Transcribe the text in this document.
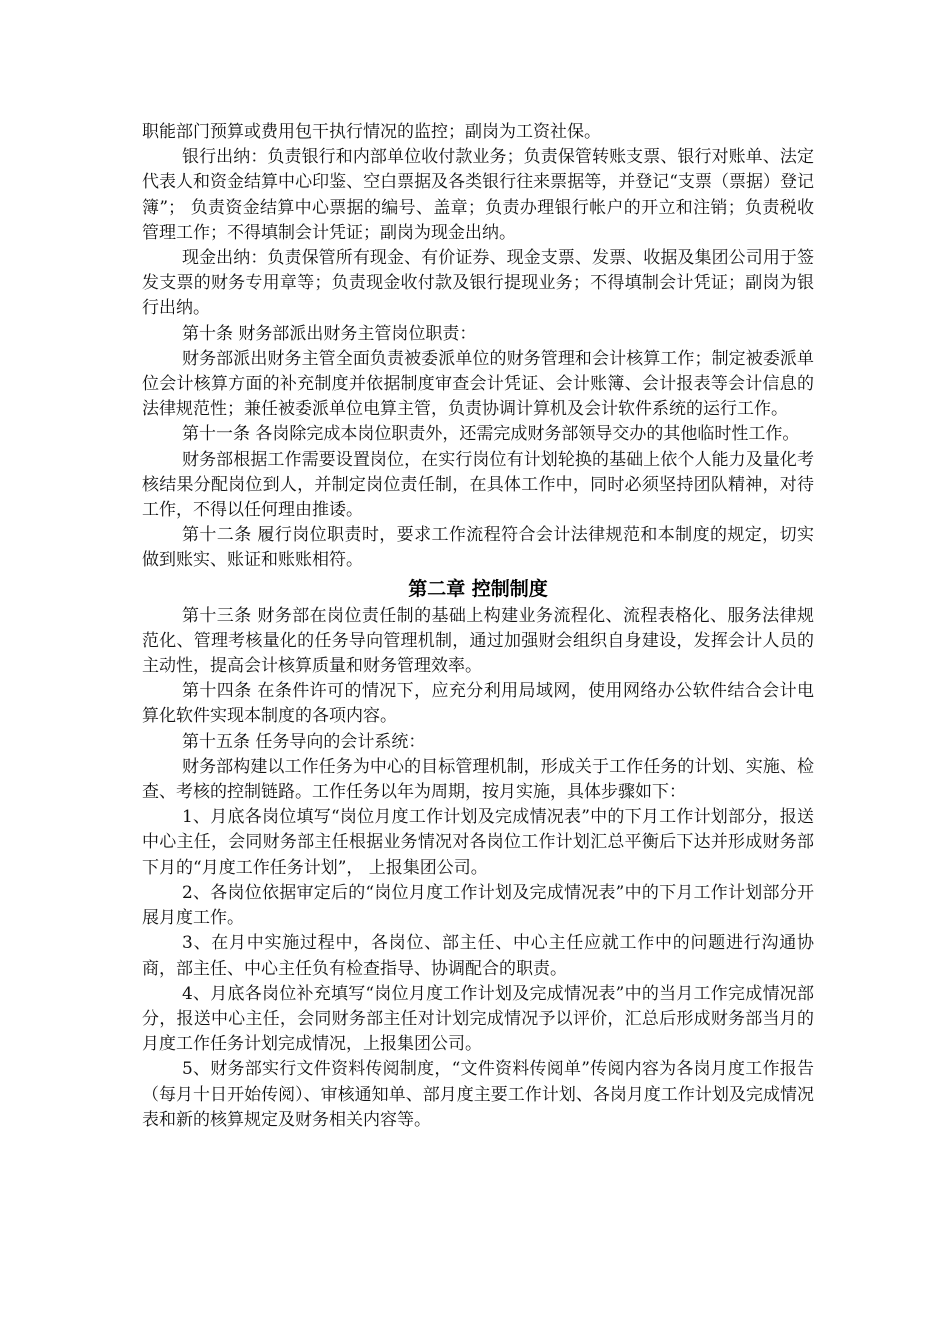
职能部门预算或费用包干执行情况的监控；副岗为工资社保。

银行出纳：负责银行和内部单位收付款业务；负责保管转账支票、银行对账单、法定代表人和资金结算中心印鉴、空白票据及各类银行往来票据等，并登记“支票（票据）登记簿”； 负责资金结算中心票据的编号、盖章；负责办理银行帐户的开立和注销；负责税收管理工作；不得填制会计凭证；副岗为现金出纳。

现金出纳：负责保管所有现金、有价证券、现金支票、发票、收据及集团公司用于签发支票的财务专用章等；负责现金收付款及银行提现业务；不得填制会计凭证；副岗为银行出纳。

第十条 财务部派出财务主管岗位职责：

财务部派出财务主管全面负责被委派单位的财务管理和会计核算工作；制定被委派单位会计核算方面的补充制度并依据制度审查会计凭证、会计账簿、会计报表等会计信息的法律规范性；兼任被委派单位电算主管，负责协调计算机及会计软件系统的运行工作。

第十一条 各岗除完成本岗位职责外，还需完成财务部领导交办的其他临时性工作。

财务部根据工作需要设置岗位，在实行岗位有计划轮换的基础上依个人能力及量化考核结果分配岗位到人，并制定岗位责任制，在具体工作中，同时必须坚持团队精神，对待工作，不得以任何理由推诿。

第十二条 履行岗位职责时，要求工作流程符合会计法律规范和本制度的规定，切实做到账实、账证和账账相符。

第二章 控制制度

第十三条 财务部在岗位责任制的基础上构建业务流程化、流程表格化、服务法律规范化、管理考核量化的任务导向管理机制，通过加强财会组织自身建设，发挥会计人员的主动性，提高会计核算质量和财务管理效率。

第十四条 在条件许可的情况下，应充分利用局域网，使用网络办公软件结合会计电算化软件实现本制度的各项内容。

第十五条 任务导向的会计系统：

财务部构建以工作任务为中心的目标管理机制，形成关于工作任务的计划、实施、检查、考核的控制链路。工作任务以年为周期，按月实施，具体步骤如下：

1、月底各岗位填写“岗位月度工作计划及完成情况表”中的下月工作计划部分，报送中心主任，会同财务部主任根据业务情况对各岗位工作计划汇总平衡后下达并形成财务部下月的“月度工作任务计划”， 上报集团公司。

2、各岗位依据审定后的“岗位月度工作计划及完成情况表”中的下月工作计划部分开展月度工作。

3、在月中实施过程中，各岗位、部主任、中心主任应就工作中的问题进行沟通协商，部主任、中心主任负有检查指导、协调配合的职责。

4、月底各岗位补充填写“岗位月度工作计划及完成情况表”中的当月工作完成情况部分，报送中心主任，会同财务部主任对计划完成情况予以评价，汇总后形成财务部当月的月度工作任务计划完成情况，上报集团公司。

5、财务部实行文件资料传阅制度，“文件资料传阅单”传阅内容为各岗月度工作报告（每月十日开始传阅）、审核通知单、部月度主要工作计划、各岗月度工作计划及完成情况表和新的核算规定及财务相关内容等。
